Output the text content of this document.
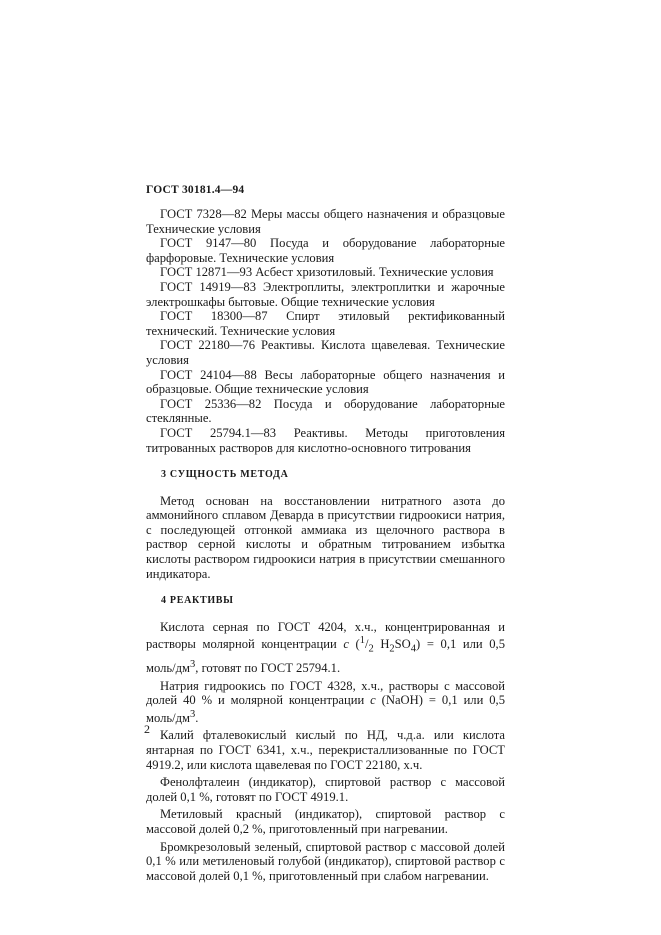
ГОСТ 30181.4—94

ГОСТ 7328—82 Меры массы общего назначения и образцовые Технические условия

ГОСТ 9147—80 Посуда и оборудование лабораторные фарфоровые. Технические условия

ГОСТ 12871—93 Асбест хризотиловый. Технические условия

ГОСТ 14919—83 Электроплиты, электроплитки и жарочные электрошкафы бытовые. Общие технические условия

ГОСТ 18300—87 Спирт этиловый ректификованный технический. Технические условия

ГОСТ 22180—76 Реактивы. Кислота щавелевая. Технические условия

ГОСТ 24104—88 Весы лабораторные общего назначения и образцовые. Общие технические условия

ГОСТ 25336—82 Посуда и оборудование лабораторные стеклянные.

ГОСТ 25794.1—83 Реактивы. Методы приготовления титрованных растворов для кислотно-основного титрования

3 СУЩНОСТЬ МЕТОДА

Метод основан на восстановлении нитратного азота до аммонийного сплавом Деварда в присутствии гидроокиси натрия, с последующей отгонкой аммиака из щелочного раствора в раствор серной кислоты и обратным титрованием избытка кислоты раствором гидроокиси натрия в присутствии смешанного индикатора.

4 РЕАКТИВЫ

Кислота серная по ГОСТ 4204, х.ч., концентрированная и растворы молярной концентрации c ($^1/_2$ $H_2SO_4) = 0,1$ или 0,5 моль/$дм^3$, готовят по ГОСТ 25794.1.

Натрия гидроокись по ГОСТ 4328, х.ч., растворы с массовой долей 40 % и молярной концентрации c (NaOH) = 0,1 или 0,5 моль/$дм^3$.

Калий фталевокислый кислый по НД, ч.д.а. или кислота янтарная по ГОСТ 6341, х.ч., перекристаллизованные по ГОСТ 4919.2, или кислота щавелевая по ГОСТ 22180, х.ч.

Фенолфталеин (индикатор), спиртовой раствор с массовой долей 0,1 %, готовят по ГОСТ 4919.1.

Метиловый красный (индикатор), спиртовой раствор с массовой долей 0,2 %, приготовленный при нагревании.

Бромкрезоловый зеленый, спиртовой раствор с массовой долей 0,1 % или метиленовый голубой (индикатор), спиртовой раствор с массовой долей 0,1 %, приготовленный при слабом нагревании.

2
